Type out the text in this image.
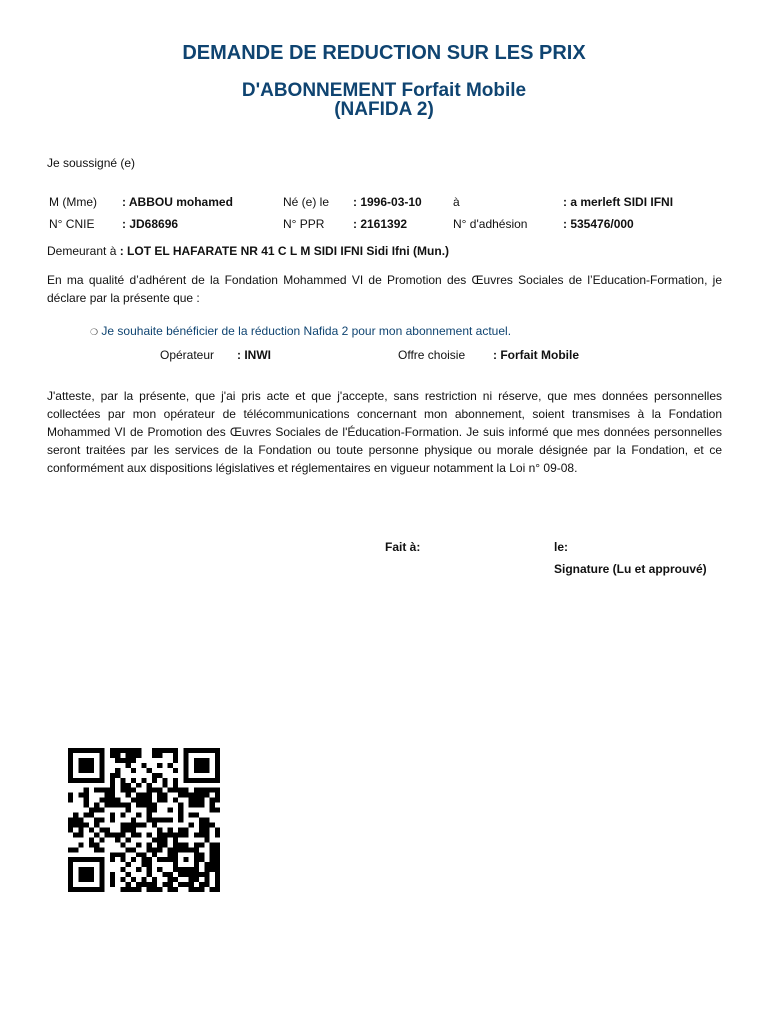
DEMANDE DE REDUCTION SUR LES PRIX
D'ABONNEMENT Forfait Mobile
(NAFIDA 2)
Je soussigné (e)
M (Mme) : ABBOU mohamed	Né (e) le : 1996-03-10	à	: a merleft SIDI IFNI
N° CNIE : JD68696	N° PPR : 2161392	N° d'adhésion	: 535476/000
Demeurant à : LOT EL HAFARATE NR 41 C L M SIDI IFNI Sidi Ifni (Mun.)
En ma qualité d’adhérent de la Fondation Mohammed VI de Promotion des Œuvres Sociales de l’Education-Formation, je déclare par la présente que :
❍ Je souhaite bénéficier de la réduction Nafida 2 pour mon abonnement actuel.
Opérateur : INWI	Offre choisie : Forfait Mobile
J'atteste, par la présente, que j'ai pris acte et que j'accepte, sans restriction ni réserve, que mes données personnelles collectées par mon opérateur de télécommunications concernant mon abonnement, soient transmises à la Fondation Mohammed VI de Promotion des Œuvres Sociales de l'Éducation-Formation. Je suis informé que mes données personnelles seront traitées par les services de la Fondation ou toute personne physique ou morale désignée par la Fondation, et ce conformément aux dispositions législatives et réglementaires en vigueur notamment la Loi n° 09-08.
Fait à:	le:
Signature (Lu et approuvé)
